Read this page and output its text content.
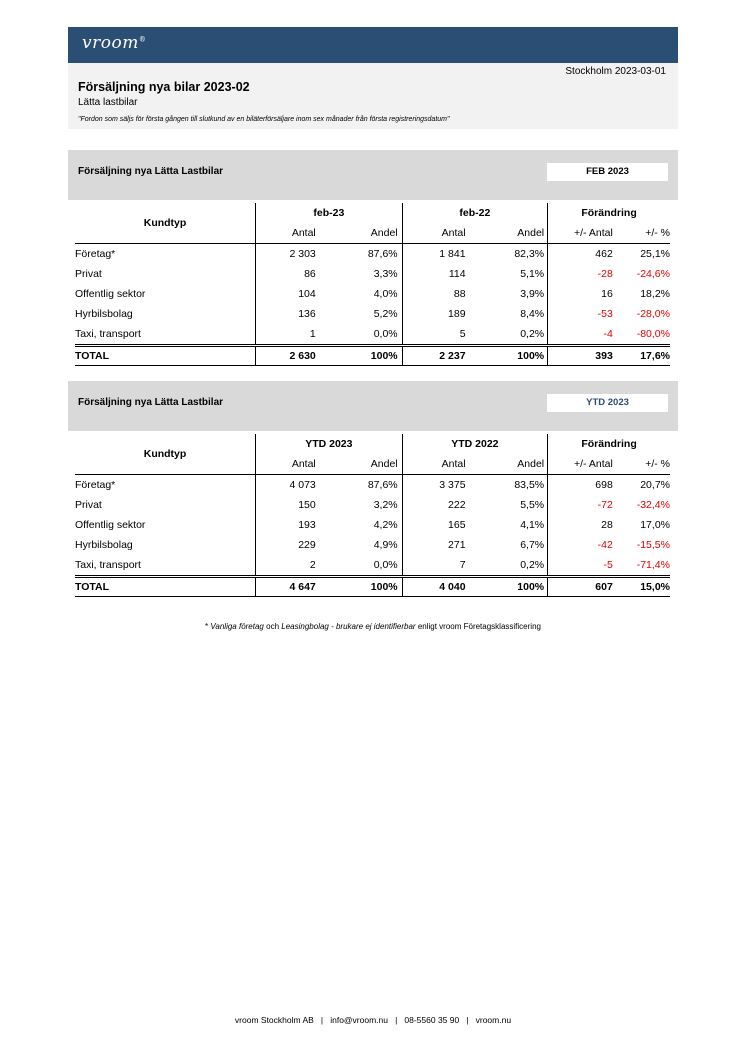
vroom®
Stockholm 2023-03-01
Försäljning nya bilar 2023-02
Lätta lastbilar
"Fordon som säljs för första gången till slutkund av en biläterförsäljare inom sex månader från första registreringsdatum"
Försäljning nya Lätta Lastbilar	FEB 2023
Kundtyp	feb-23		feb-22		Förändring	
	Antal	Andel	Antal	Andel	+/- Antal	+/- %
Företag*	2 303	87,6%	1 841	82,3%	462	25,1%
Privat	86	3,3%	114	5,1%	-28	-24,6%
Offentlig sektor	104	4,0%	88	3,9%	16	18,2%
Hyrbilsbolag	136	5,2%	189	8,4%	-53	-28,0%
Taxi, transport	1	0,0%	5	0,2%	-4	-80,0%
TOTAL	2 630	100%	2 237	100%	393	17,6%
Försäljning nya Lätta Lastbilar	YTD 2023
Kundtyp	YTD 2023		YTD 2022		Förändring	
	Antal	Andel	Antal	Andel	+/- Antal	+/- %
Företag*	4 073	87,6%	3 375	83,5%	698	20,7%
Privat	150	3,2%	222	5,5%	-72	-32,4%
Offentlig sektor	193	4,2%	165	4,1%	28	17,0%
Hyrbilsbolag	229	4,9%	271	6,7%	-42	-15,5%
Taxi, transport	2	0,0%	7	0,2%	-5	-71,4%
TOTAL	4 647	100%	4 040	100%	607	15,0%
* Vanliga företag och Leasingbolag - brukare ej identifierbar enligt vroom Företagsklassificering
vroom Stockholm AB | info@vroom.nu | 08-5560 35 90 | vroom.nu
